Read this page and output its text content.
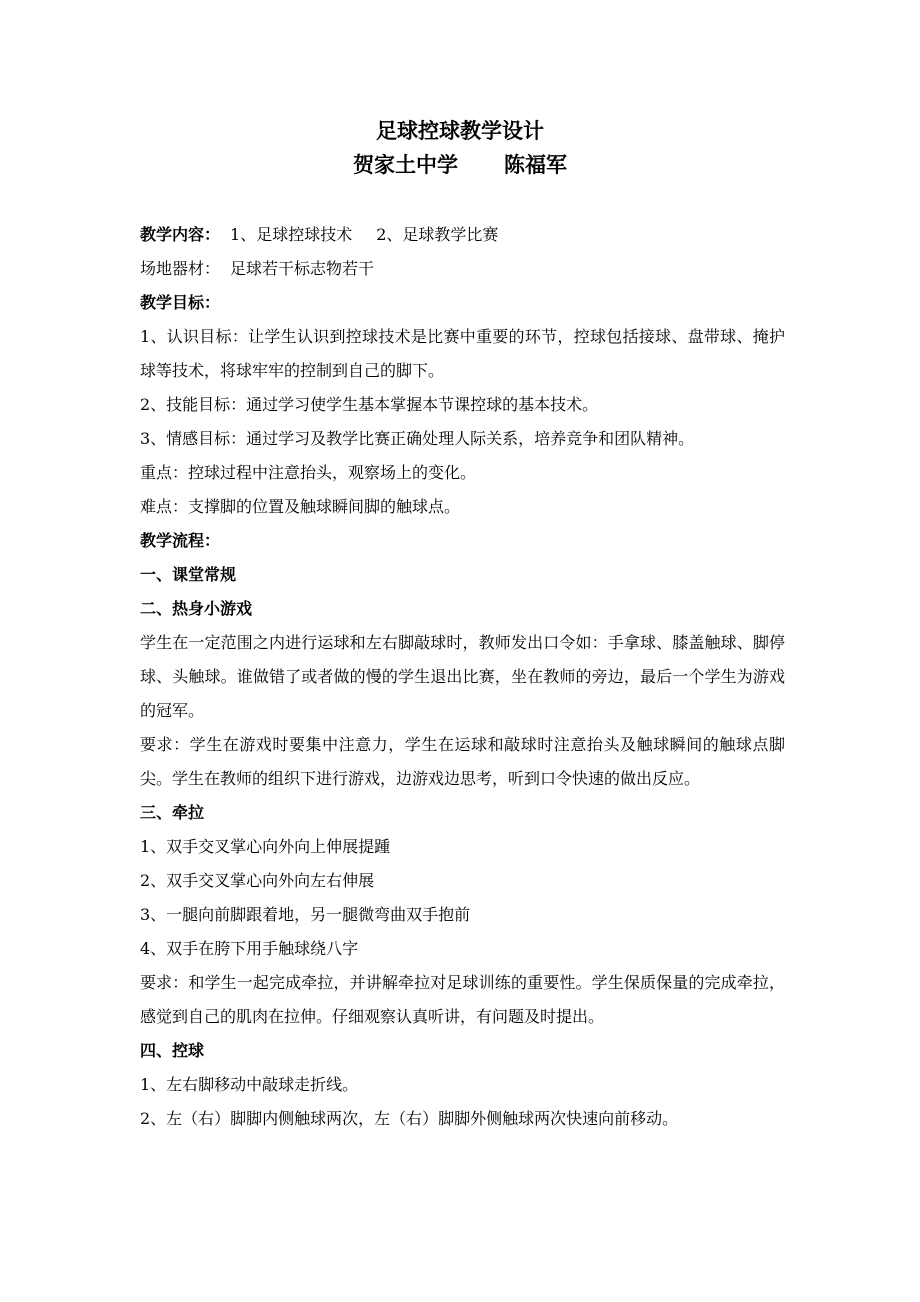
足球控球教学设计
贺家土中学 陈福军
教学内容： 1、足球控球技术 2、足球教学比赛
场地器材： 足球若干标志物若干
教学目标：
1、认识目标：让学生认识到控球技术是比赛中重要的环节，控球包括接球、盘带球、掩护球等技术，将球牢牢的控制到自己的脚下。
2、技能目标：通过学习使学生基本掌握本节课控球的基本技术。
3、情感目标：通过学习及教学比赛正确处理人际关系，培养竞争和团队精神。
重点：控球过程中注意抬头，观察场上的变化。
难点：支撑脚的位置及触球瞬间脚的触球点。
教学流程：
一、课堂常规
二、热身小游戏
学生在一定范围之内进行运球和左右脚敲球时，教师发出口令如：手拿球、膝盖触球、脚停球、头触球。谁做错了或者做的慢的学生退出比赛，坐在教师的旁边，最后一个学生为游戏的冠军。
要求：学生在游戏时要集中注意力，学生在运球和敲球时注意抬头及触球瞬间的触球点脚尖。学生在教师的组织下进行游戏，边游戏边思考，听到口令快速的做出反应。
三、牵拉
1、双手交叉掌心向外向上伸展提踵
2、双手交叉掌心向外向左右伸展
3、一腿向前脚跟着地，另一腿微弯曲双手抱前
4、双手在胯下用手触球绕八字
要求：和学生一起完成牵拉，并讲解牵拉对足球训练的重要性。学生保质保量的完成牵拉，感觉到自己的肌肉在拉伸。仔细观察认真听讲，有问题及时提出。
四、控球
1、左右脚移动中敲球走折线。
2、左（右）脚脚内侧触球两次，左（右）脚脚外侧触球两次快速向前移动。
